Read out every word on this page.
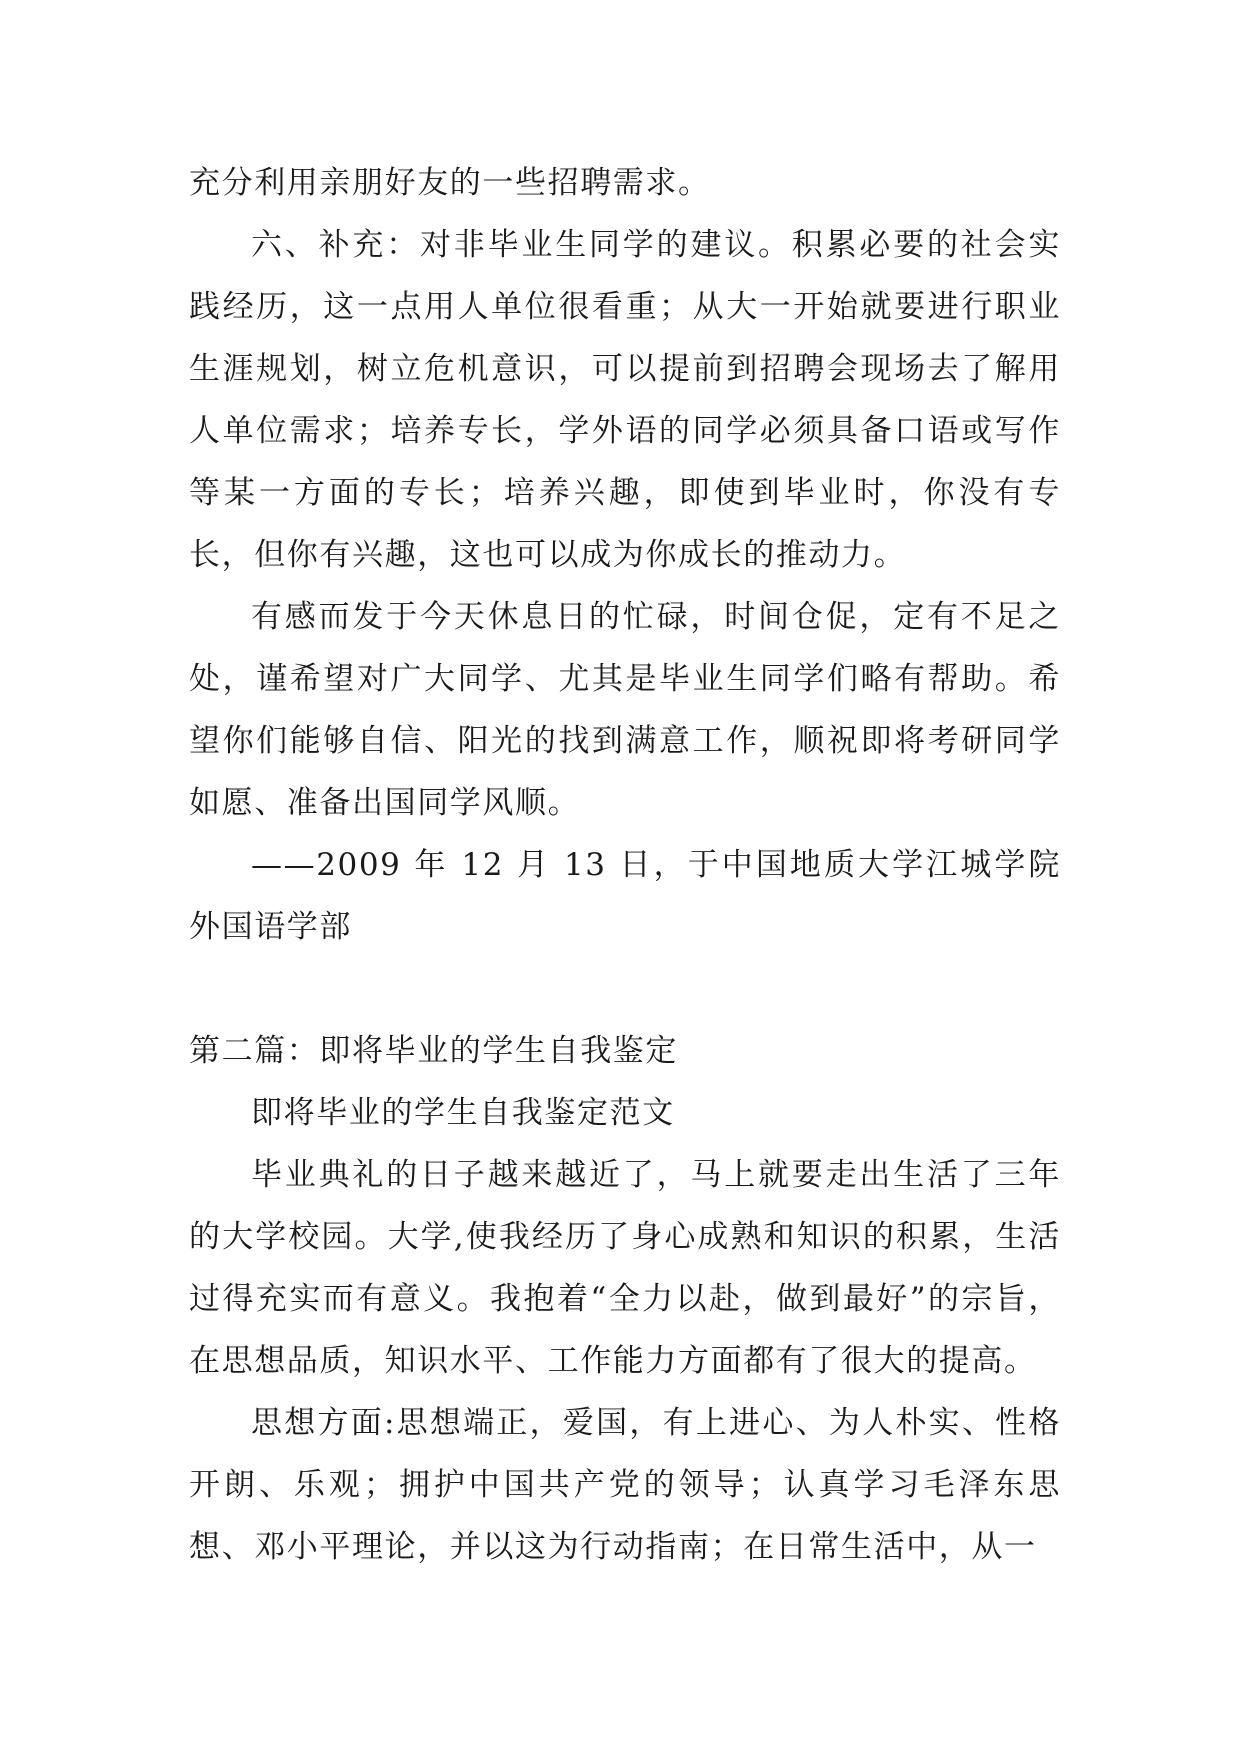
充分利用亲朋好友的一些招聘需求。

六、补充：对非毕业生同学的建议。积累必要的社会实践经历，这一点用人单位很看重；从大一开始就要进行职业生涯规划，树立危机意识，可以提前到招聘会现场去了解用人单位需求；培养专长，学外语的同学必须具备口语或写作等某一方面的专长；培养兴趣，即使到毕业时，你没有专长，但你有兴趣，这也可以成为你成长的推动力。

有感而发于今天休息日的忙碌，时间仓促，定有不足之处，谨希望对广大同学、尤其是毕业生同学们略有帮助。希望你们能够自信、阳光的找到满意工作，顺祝即将考研同学如愿、准备出国同学风顺。

——2009 年 12 月 13 日，于中国地质大学江城学院外国语学部

第二篇：即将毕业的学生自我鉴定

即将毕业的学生自我鉴定范文

毕业典礼的日子越来越近了，马上就要走出生活了三年的大学校园。大学,使我经历了身心成熟和知识的积累，生活过得充实而有意义。我抱着“全力以赴，做到最好”的宗旨，在思想品质，知识水平、工作能力方面都有了很大的提高。

思想方面:思想端正，爱国，有上进心、为人朴实、性格开朗、乐观；拥护中国共产党的领导；认真学习毛泽东思想、邓小平理论，并以这为行动指南；在日常生活中，从一
